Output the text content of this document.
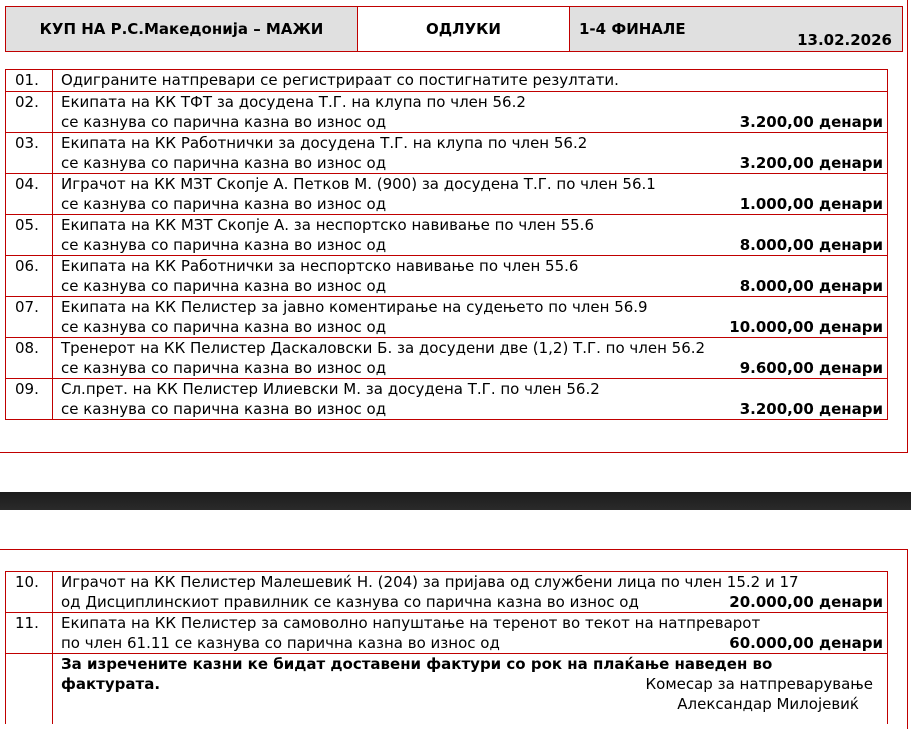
КУП НА Р.С.Македонија – МАЖИ	ОДЛУКИ	1-4 ФИНАЛЕ
13.02.2026
01.	Одиграните натпревари се регистрираат со постигнатите резултати.
02.	Екипата на КК ТФТ за досудена Т.Г. на клупа по член 56.2
се казнува со парична казна во износ од 3.200,00 денари

03.	Екипата на КК Работнички за досудена Т.Г. на клупа по член 56.2
се казнува со парична казна во износ од 3.200,00 денари

04.	Играчот на КК МЗТ Скопје А. Петков М. (900) за досудена Т.Г. по член 56.1
се казнува со парична казна во износ од 1.000,00 денари

05.	Екипата на КК МЗТ Скопје А. за неспортско навивање по член 55.6
се казнува со парична казна во износ од 8.000,00 денари

06.	Екипата на КК Работнички за неспортско навивање по член 55.6
се казнува со парична казна во износ од 8.000,00 денари

07.	Екипата на КК Пелистер за јавно коментирање на судењето по член 56.9
се казнува со парична казна во износ од 10.000,00 денари

08.	Тренерот на КК Пелистер Даскаловски Б. за досудени две (1,2) Т.Г. по член 56.2
се казнува со парична казна во износ од 9.600,00 денари

09.	Сл.прет. на КК Пелистер Илиевски М. за досудена Т.Г. по член 56.2
се казнува со парична казна во износ од 3.200,00 денари
10.	Играчот на КК Пелистер Малешевиќ Н. (204) за пријава од службени лица по член 15.2 и 17
од Дисциплинскиот правилник се казнува со парична казна во износ од 20.000,00 денари

11.	Екипата на КК Пелистер за самоволно напуштање на теренот во текот на натпреварот
по член 61.11 се казнува со парична казна во износ од 60.000,00 денари

	За изречените казни ке бидат доставени фактури со рок на плаќање наведен во
фактурата. Комесар за натпреварување
Александар Милојевиќ
